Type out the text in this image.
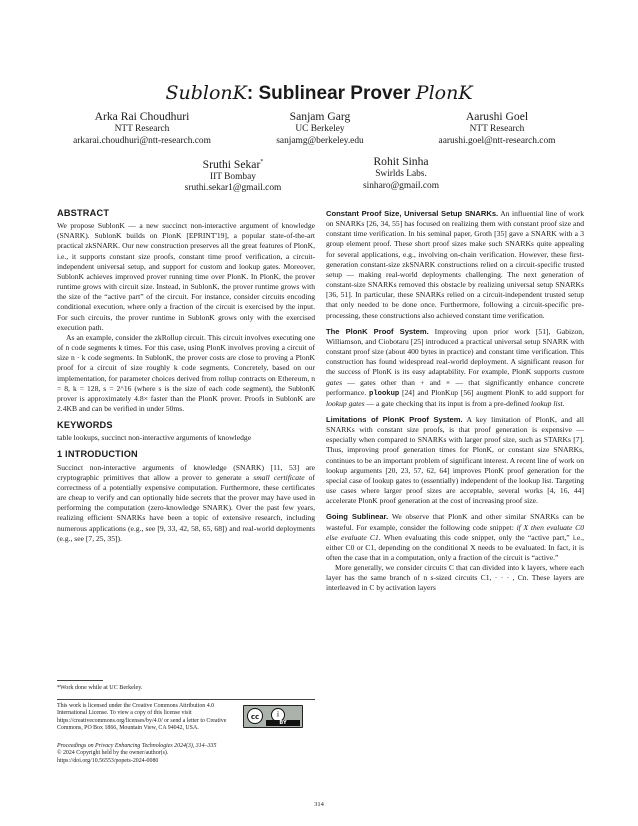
SublonK: Sublinear Prover PlonK
Arka Rai Choudhuri
NTT Research
arkarai.choudhuri@ntt-research.com
Sanjam Garg
UC Berkeley
sanjamg@berkeley.edu
Aarushi Goel
NTT Research
aarushi.goel@ntt-research.com
Sruthi Sekar*
IIT Bombay
sruthi.sekar1@gmail.com
Rohit Sinha
Swirlds Labs.
sinharo@gmail.com
ABSTRACT

We propose SublonK — a new succinct non-interactive argument of knowledge (SNARK). SublonK builds on PlonK [EPRINT'19], a popular state-of-the-art practical zkSNARK. Our new construction preserves all the great features of PlonK, i.e., it supports constant size proofs, constant time proof verification, a circuit-independent universal setup, and support for custom and lookup gates. Moreover, SublonK achieves improved prover running time over PlonK. In PlonK, the prover runtime grows with circuit size. Instead, in SublonK, the prover runtime grows with the size of the “active part” of the circuit. For instance, consider circuits encoding conditional execution, where only a fraction of the circuit is exercised by the input. For such circuits, the prover runtime in SublonK grows only with the exercised execution path.

As an example, consider the zkRollup circuit. This circuit involves executing one of n code segments k times. For this case, using PlonK involves proving a circuit of size n · k code segments. In SublonK, the prover costs are close to proving a PlonK proof for a circuit of size roughly k code segments. Concretely, based on our implementation, for parameter choices derived from rollup contracts on Ethereum, n = 8, k = 128, s = 2^16 (where s is the size of each code segment), the SublonK prover is approximately 4.8× faster than the PlonK prover. Proofs in SublonK are 2.4KB and can be verified in under 50ms.

KEYWORDS

table lookups, succinct non-interactive arguments of knowledge

1 INTRODUCTION

Succinct non-interactive arguments of knowledge (SNARK) [11, 53] are cryptographic primitives that allow a prover to generate a small certificate of correctness of a potentially expensive computation. Furthermore, these certificates are cheap to verify and can optionally hide secrets that the prover may have used in performing the computation (zero-knowledge SNARK). Over the past few years, realizing efficient SNARKs have been a topic of extensive research, including numerous applications (e.g., see [9, 33, 42, 58, 65, 68]) and real-world deployments (e.g., see [7, 25, 35]).

*Work done while at UC Berkeley.
This work is licensed under the Creative Commons Attribution 4.0 International License. To view a copy of this license visit https://creativecommons.org/licenses/by/4.0/ or send a letter to Creative Commons, PO Box 1866, Mountain View, CA 94042, USA.
cc	i
BY
Proceedings on Privacy Enhancing Technologies 2024(3), 314–335
© 2024 Copyright held by the owner/author(s).
https://doi.org/10.56553/popets-2024-0080

Constant Proof Size, Universal Setup SNARKs. An influential line of work on SNARKs [26, 34, 55] has focused on realizing them with constant proof size and constant time verification. In his seminal paper, Groth [35] gave a SNARK with a 3 group element proof. These short proof sizes make such SNARKs quite appealing for several applications, e.g., involving on-chain verification. However, these first-generation constant-size zkSNARK constructions relied on a circuit-specific trusted setup — making real-world deployments challenging. The next generation of constant-size SNARKs removed this obstacle by realizing universal setup SNARKs [36, 51]. In particular, these SNARKs relied on a circuit-independent trusted setup that only needed to be done once. Furthermore, following a circuit-specific pre-processing, these constructions also achieved constant time verification.

The PlonK Proof System. Improving upon prior work [51], Gabizon, Williamson, and Ciobotaru [25] introduced a practical universal setup SNARK with constant proof size (about 400 bytes in practice) and constant time verification. This construction has found widespread real-world deployment. A significant reason for the success of PlonK is its easy adaptability. For example, PlonK supports custom gates — gates other than + and × — that significantly enhance concrete performance. plookup [24] and PlonKup [56] augment PlonK to add support for lookup gates — a gate checking that its input is from a pre-defined lookup list.

Limitations of PlonK Proof System. A key limitation of PlonK, and all SNARKs with constant size proofs, is that proof generation is expensive — especially when compared to SNARKs with larger proof size, such as STARKs [7]. Thus, improving proof generation times for PlonK, or constant size SNARKs, continues to be an important problem of significant interest. A recent line of work on lookup arguments [20, 23, 57, 62, 64] improves PlonK proof generation for the special case of lookup gates to (essentially) independent of the lookup list. Targeting use cases where larger proof sizes are acceptable, several works [4, 16, 44] accelerate PlonK proof generation at the cost of increasing proof size.

Going Sublinear. We observe that PlonK and other similar SNARKs can be wasteful. For example, consider the following code snippet: if X then evaluate C0 else evaluate C1. When evaluating this code snippet, only the “active part,” i.e., either C0 or C1, depending on the conditional X needs to be evaluated. In fact, it is often the case that in a computation, only a fraction of the circuit is “active.”

More generally, we consider circuits C that can divided into k layers, where each layer has the same branch of n s-sized circuits C1, · · · , Cn. These layers are interleaved in C by activation layers

314
